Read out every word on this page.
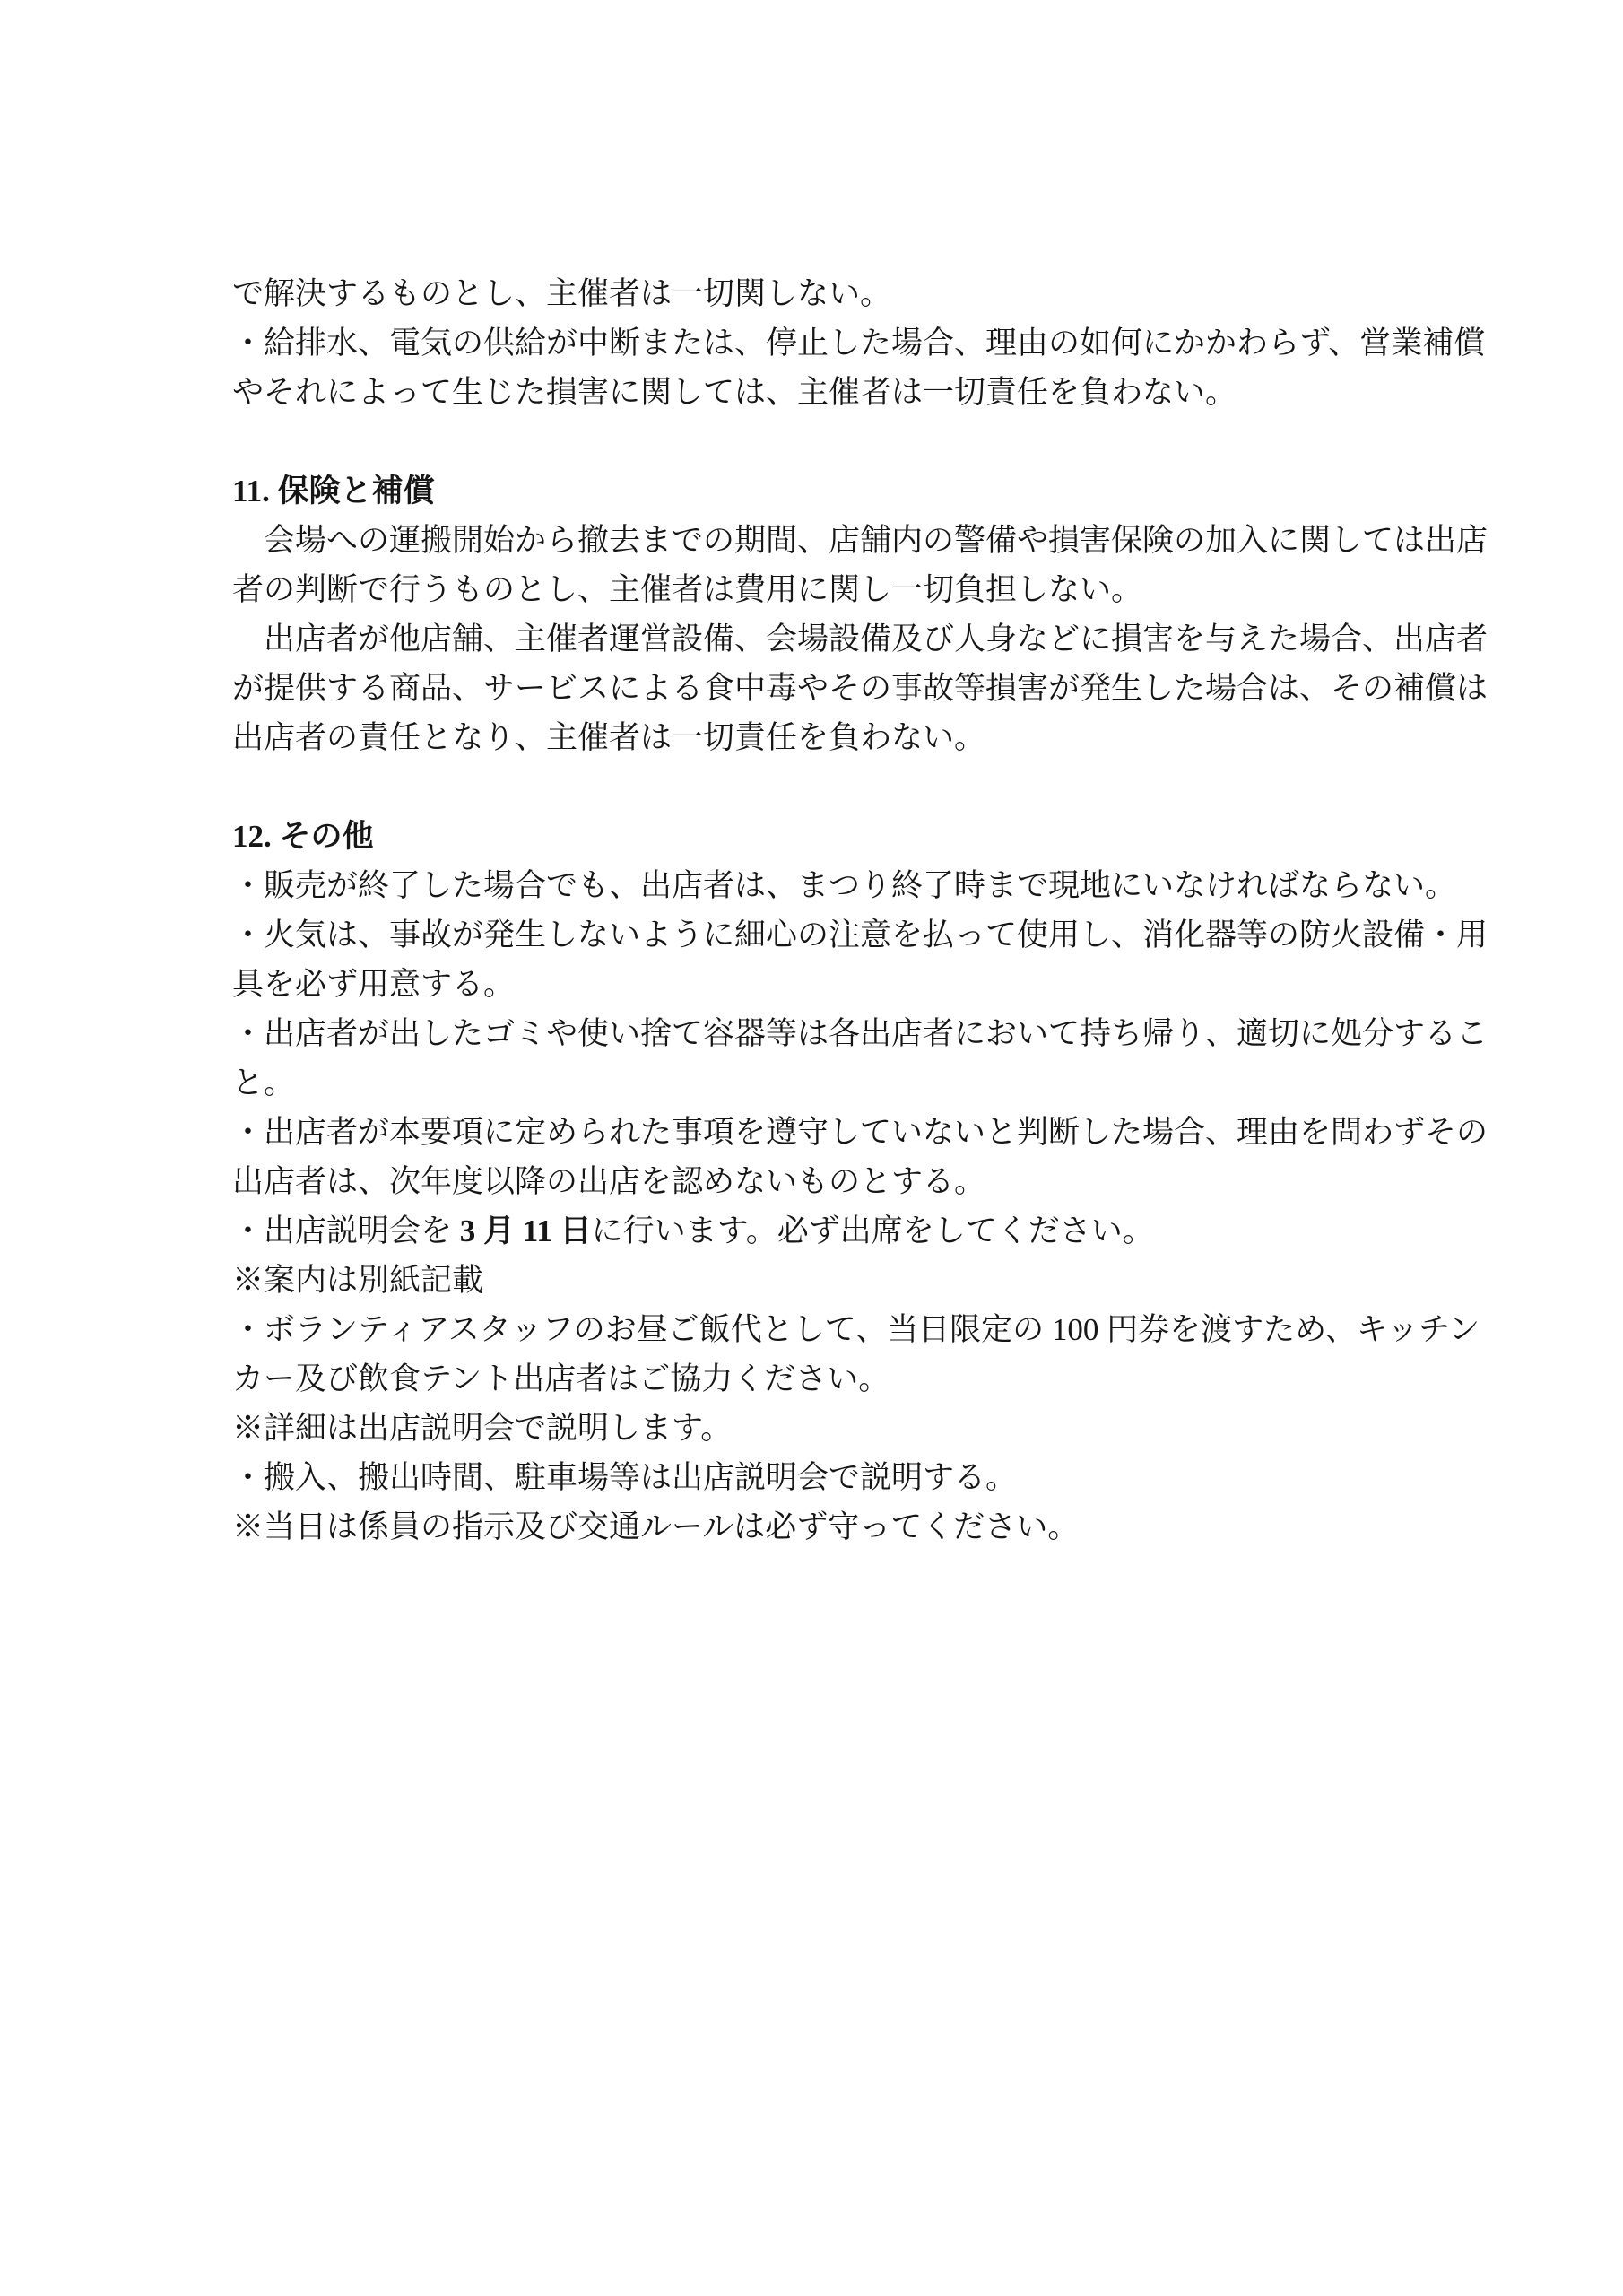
で解決するものとし、主催者は一切関しない。
・給排水、電気の供給が中断または、停止した場合、理由の如何にかかわらず、営業補償
やそれによって生じた損害に関しては、主催者は一切責任を負わない。
11. 保険と補償
　会場への運搬開始から撤去までの期間、店舗内の警備や損害保険の加入に関しては出店
者の判断で行うものとし、主催者は費用に関し一切負担しない。
　出店者が他店舗、主催者運営設備、会場設備及び人身などに損害を与えた場合、出店者
が提供する商品、サービスによる食中毒やその事故等損害が発生した場合は、その補償は
出店者の責任となり、主催者は一切責任を負わない。
12. その他
・販売が終了した場合でも、出店者は、まつり終了時まで現地にいなければならない。
・火気は、事故が発生しないように細心の注意を払って使用し、消化器等の防火設備・用
具を必ず用意する。
・出店者が出したゴミや使い捨て容器等は各出店者において持ち帰り、適切に処分するこ
と。
・出店者が本要項に定められた事項を遵守していないと判断した場合、理由を問わずその
出店者は、次年度以降の出店を認めないものとする。
・出店説明会を 3 月 11 日に行います。必ず出席をしてください。
※案内は別紙記載
・ボランティアスタッフのお昼ご飯代として、当日限定の 100 円券を渡すため、キッチン
カー及び飲食テント出店者はご協力ください。
※詳細は出店説明会で説明します。
・搬入、搬出時間、駐車場等は出店説明会で説明する。
※当日は係員の指示及び交通ルールは必ず守ってください。
